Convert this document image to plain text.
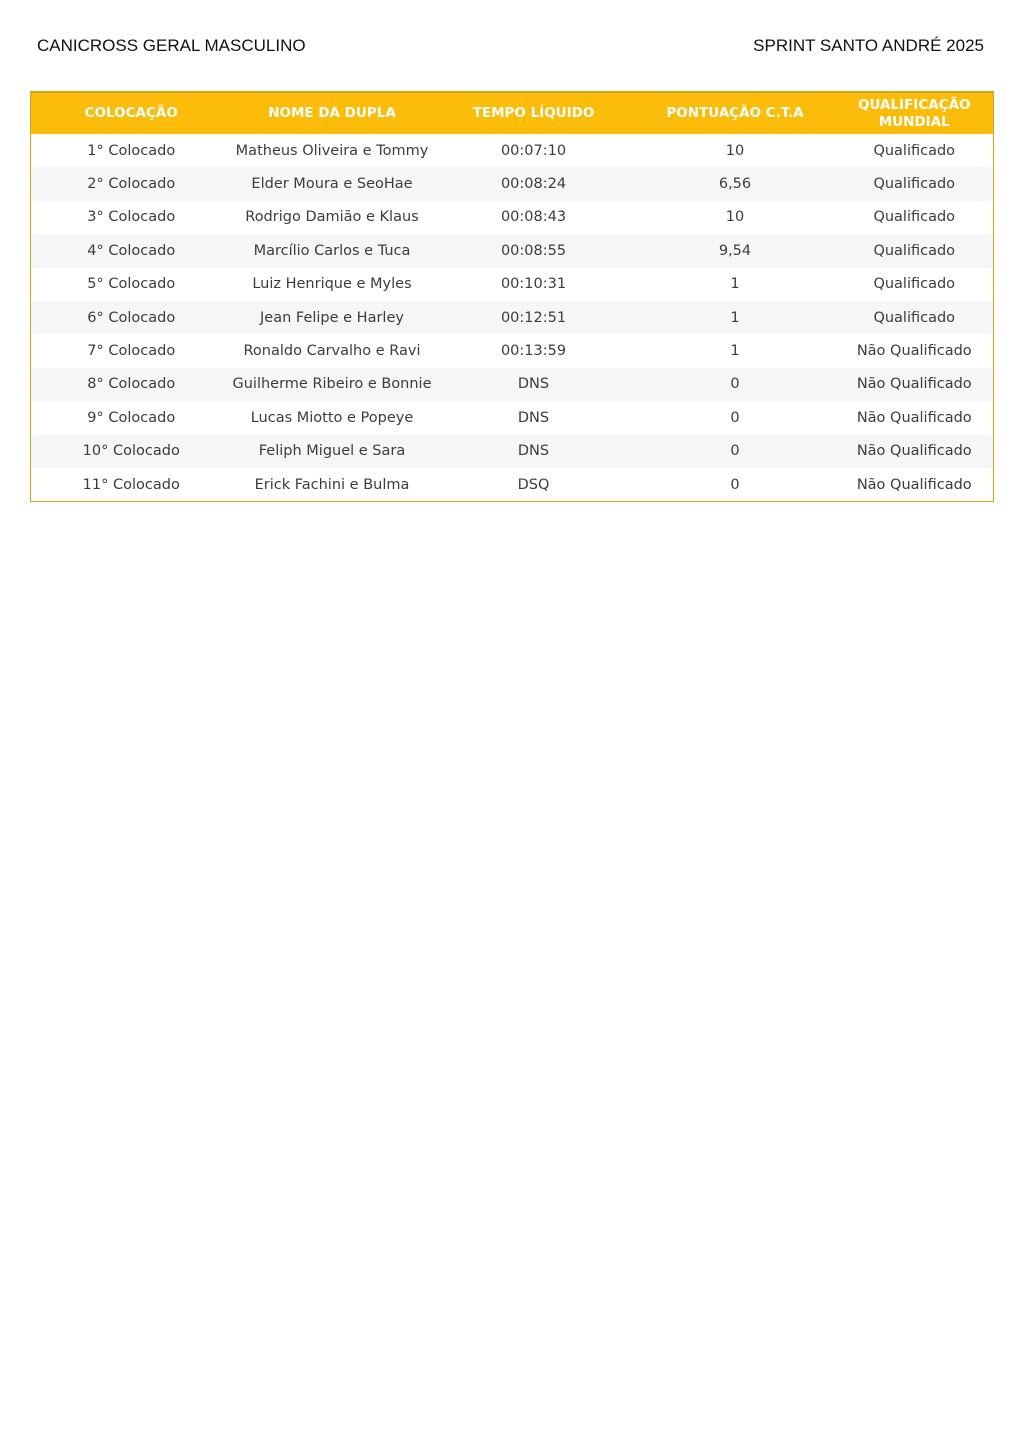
CANICROSS GERAL MASCULINO	SPRINT SANTO ANDRÉ 2025
COLOCAÇÃO	NOME DA DUPLA	TEMPO LÍQUIDO	PONTUAÇÃO C.T.A	QUALIFICAÇÃO MUNDIAL
1° Colocado	Matheus Oliveira e Tommy	00:07:10	10	Qualificado
2° Colocado	Elder Moura e SeoHae	00:08:24	6,56	Qualificado
3° Colocado	Rodrigo Damião e Klaus	00:08:43	10	Qualificado
4° Colocado	Marcílio Carlos e Tuca	00:08:55	9,54	Qualificado
5° Colocado	Luiz Henrique e Myles	00:10:31	1	Qualificado
6° Colocado	Jean Felipe e Harley	00:12:51	1	Qualificado
7° Colocado	Ronaldo Carvalho e Ravi	00:13:59	1	Não Qualificado
8° Colocado	Guilherme Ribeiro e Bonnie	DNS	0	Não Qualificado
9° Colocado	Lucas Miotto e Popeye	DNS	0	Não Qualificado
10° Colocado	Feliph Miguel e Sara	DNS	0	Não Qualificado
11° Colocado	Erick Fachini e Bulma	DSQ	0	Não Qualificado
